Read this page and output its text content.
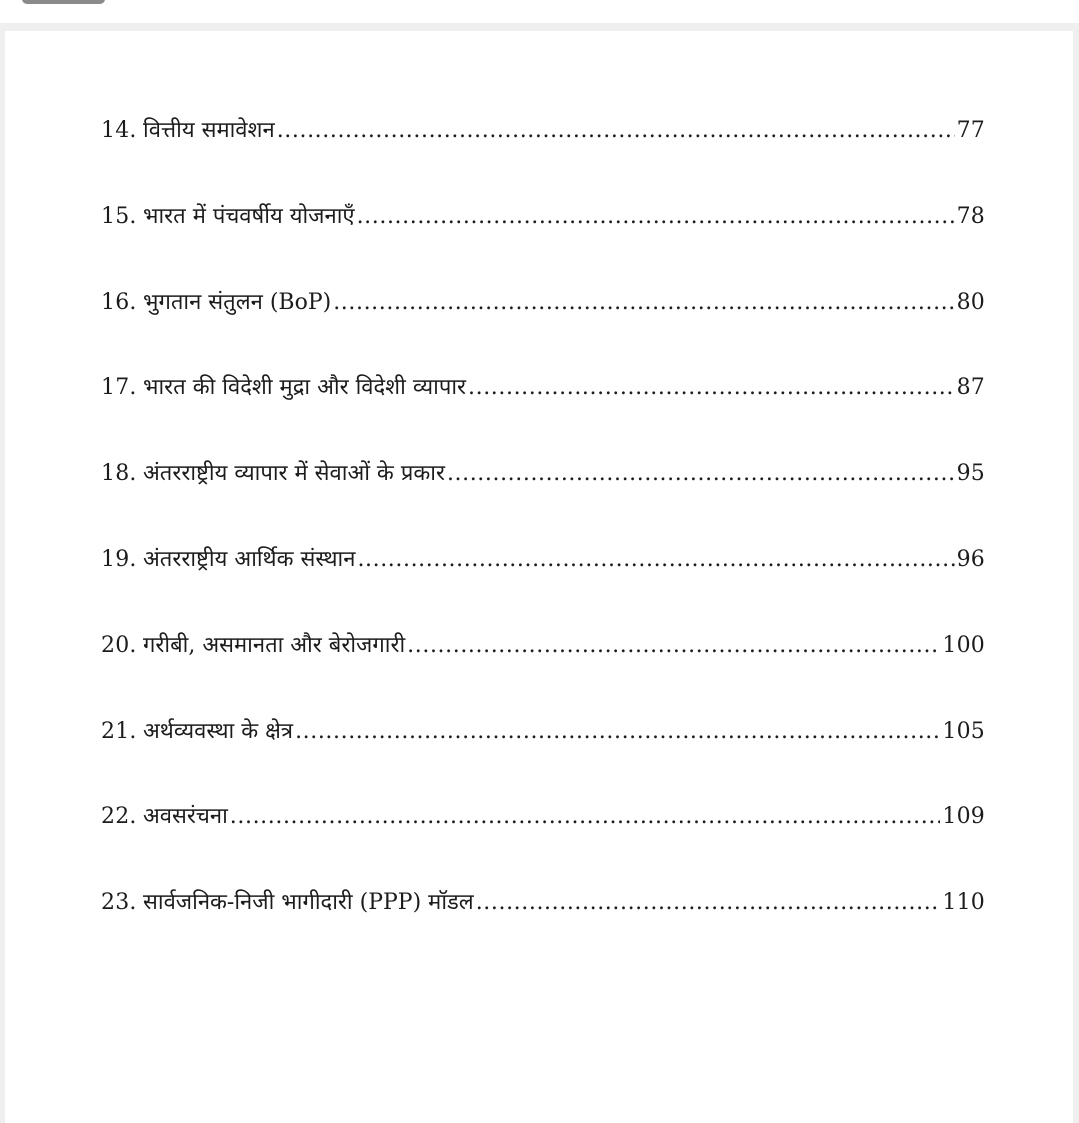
14. वित्तीय समावेशन .....	77
15. भारत में पंचवर्षीय योजनाएँ .....	78
16. भुगतान संतुलन (BoP) .....	80
17. भारत की विदेशी मुद्रा और विदेशी व्यापार .....	87
18. अंतरराष्ट्रीय व्यापार में सेवाओं के प्रकार .....	95
19. अंतरराष्ट्रीय आर्थिक संस्थान .....	96
20. गरीबी, असमानता और बेरोजगारी .....	100
21. अर्थव्यवस्था के क्षेत्र .....	105
22. अवसरंचना .....	109
23. सार्वजनिक-निजी भागीदारी (PPP) मॉडल .....	110
